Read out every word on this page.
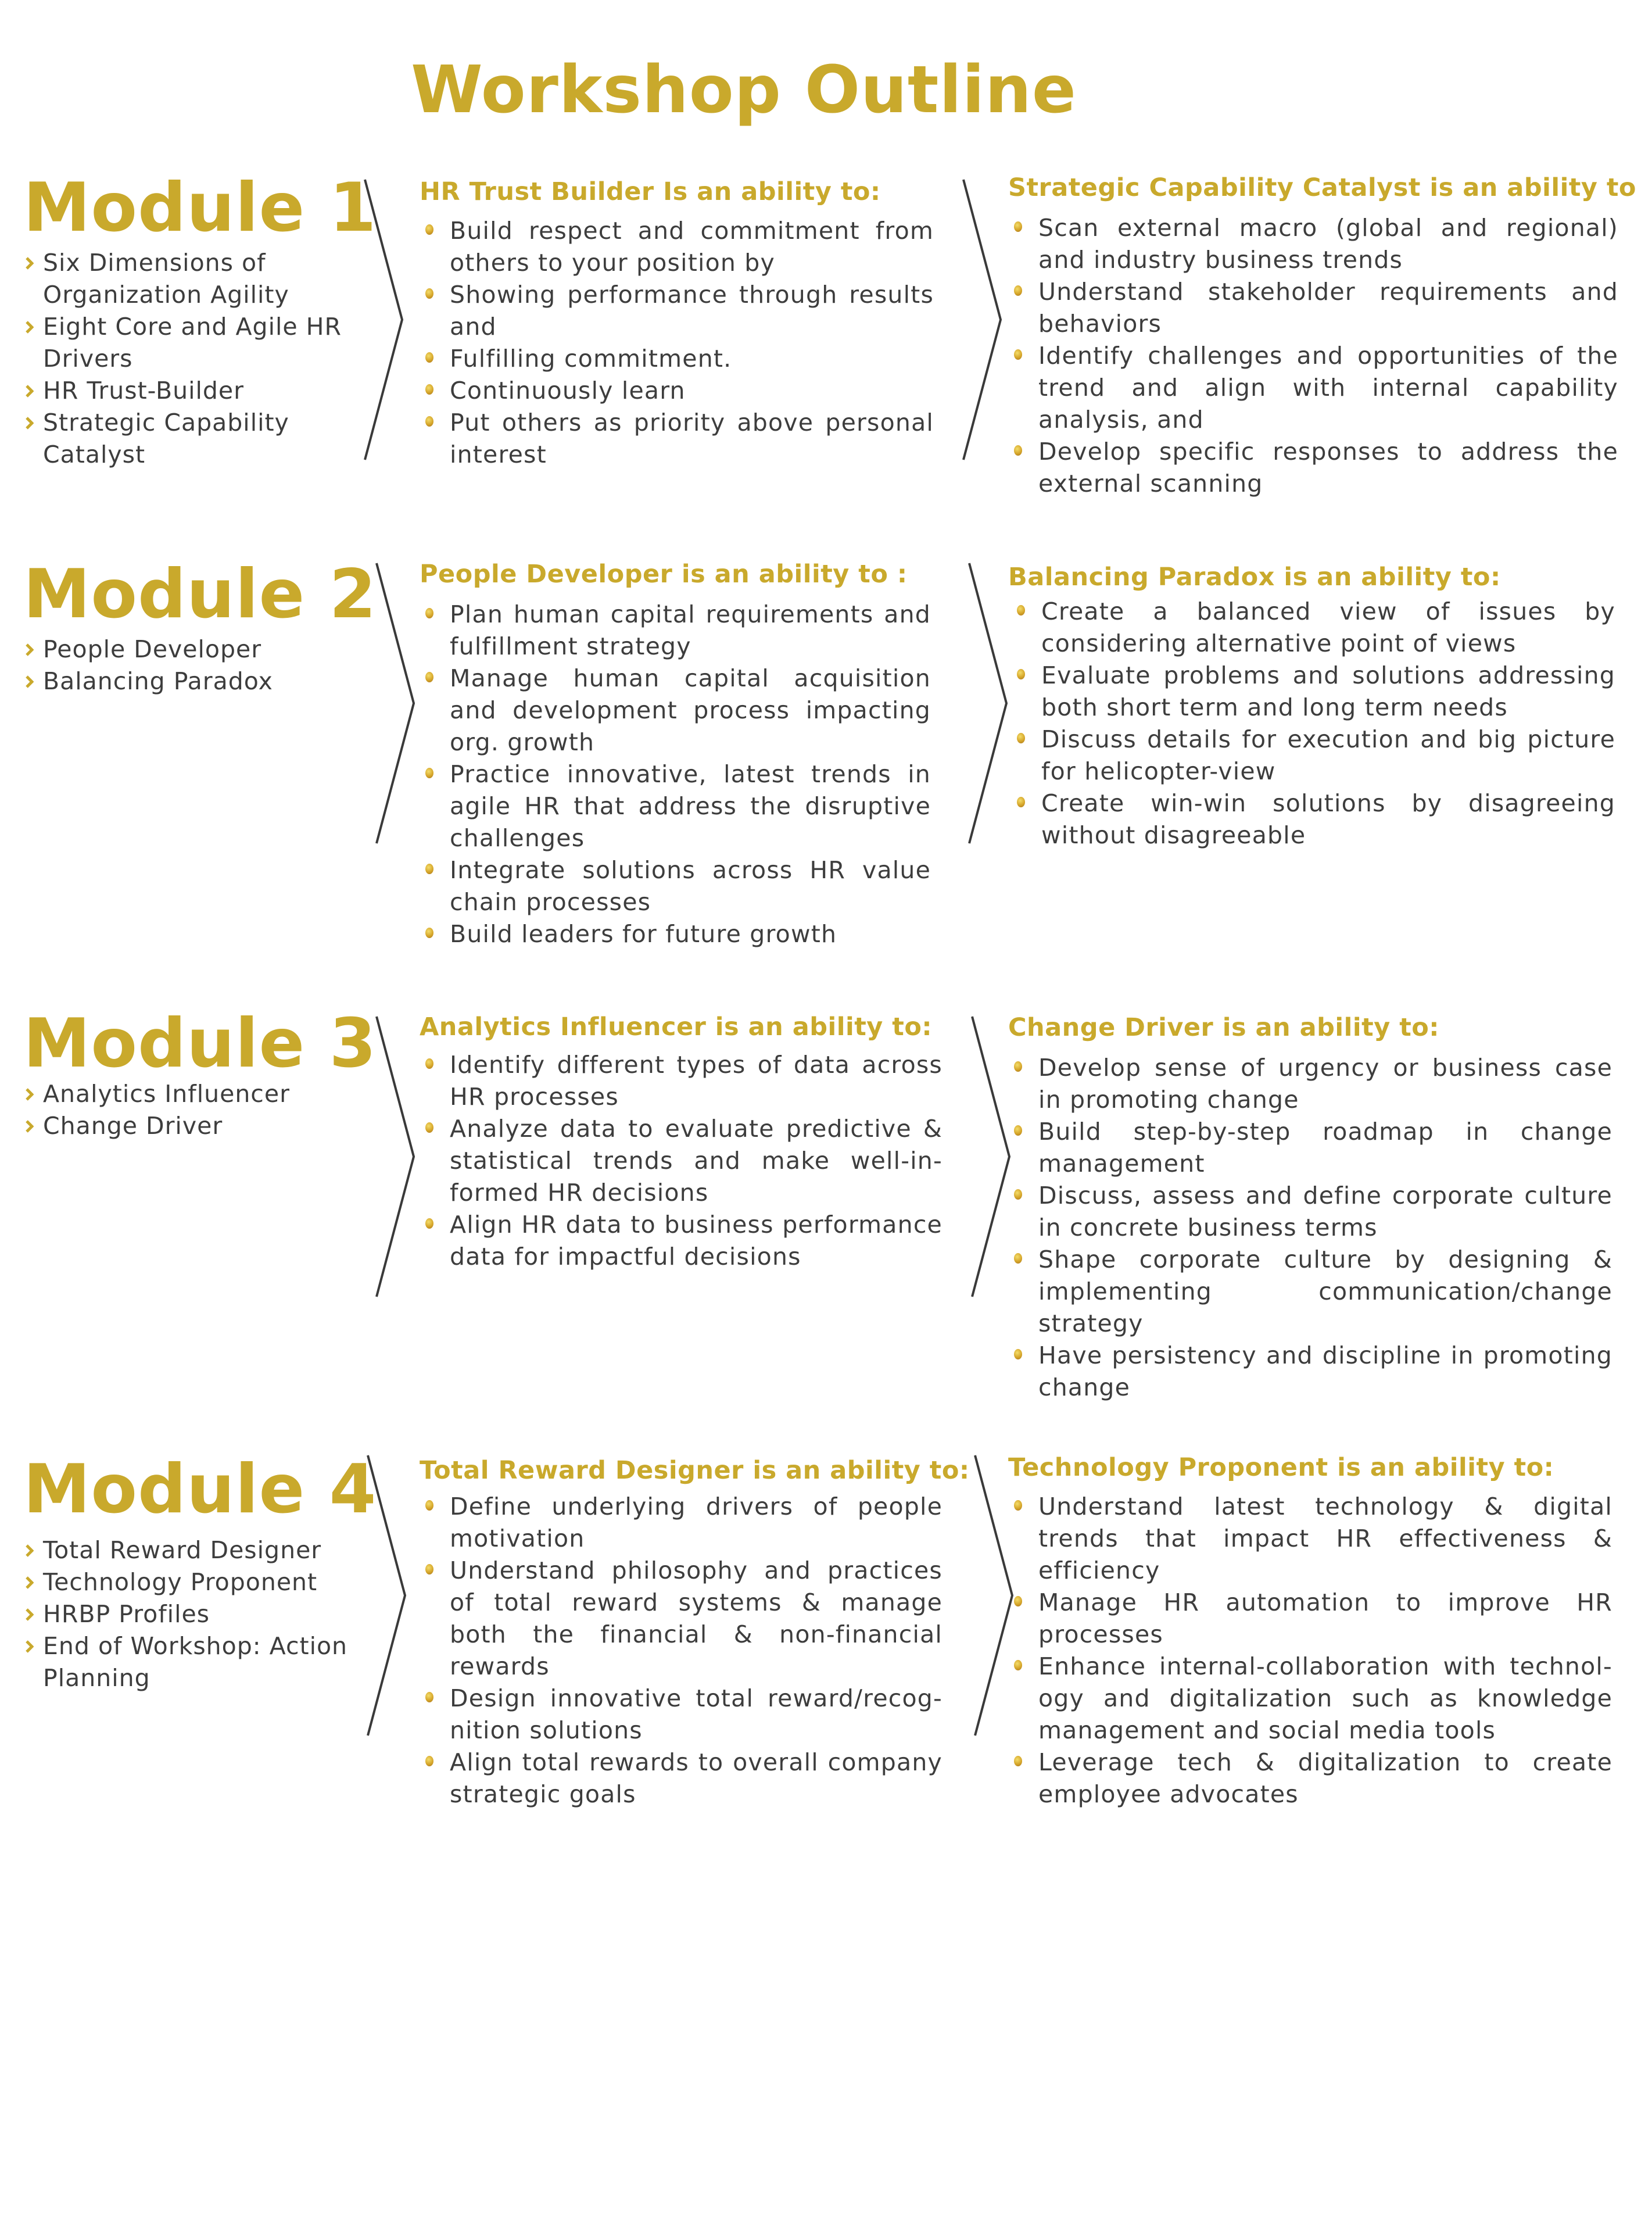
Workshop Outline
Module 1
Six Dimensions of Organization Agility
Eight Core and Agile HR Drivers
HR Trust-Builder
Strategic Capability Catalyst
HR Trust Builder Is an ability to:
Build respect and commitment from others to your position by
Showing performance through results and
Fulfilling commitment.
Continuously learn
Put others as priority above personal interest
Strategic Capability Catalyst is an ability to
Scan external macro (global and regional) and industry business trends
Understand stakeholder requirements and behaviors
Identify challenges and opportunities of the trend and align with internal capability analysis, and
Develop specific responses to address the external scanning
Module 2
People Developer
Balancing Paradox
People Developer is an ability to :
Plan human capital requirements and fulfillment strategy
Manage human capital acquisition and development process impacting org. growth
Practice innovative, latest trends in agile HR that address the disruptive challenges
Integrate solutions across HR value chain processes
Build leaders for future growth
Balancing Paradox is an ability to:
Create a balanced view of issues by considering alternative point of views
Evaluate problems and solutions addressing both short term and long term needs
Discuss details for execution and big picture for helicopter-view
Create win-win solutions by disagreeing without disagreeable
Module 3
Analytics Influencer
Change Driver
Analytics Influencer is an ability to:
Identify different types of data across HR processes
Analyze data to evaluate predictive & statistical trends and make well-in-formed HR decisions
Align HR data to business performance data for impactful decisions
Change Driver is an ability to:
Develop sense of urgency or business case in promoting change
Build step-by-step roadmap in change management
Discuss, assess and define corporate culture in concrete business terms
Shape corporate culture by designing & implementing communication/change strategy
Have persistency and discipline in promoting change
Module 4
Total Reward Designer
Technology Proponent
HRBP Profiles
End of Workshop: Action Planning
Total Reward Designer is an ability to:
Define underlying drivers of people motivation
Understand philosophy and practices of total reward systems & manage both the financial & non-financial rewards
Design innovative total reward/recog-nition solutions
Align total rewards to overall company strategic goals
Technology Proponent is an ability to:
Understand latest technology & digital trends that impact HR effectiveness & efficiency
Manage HR automation to improve HR processes
Enhance internal-collaboration with technol-ogy and digitalization such as knowledge management and social media tools
Leverage tech & digitalization to create employee advocates
